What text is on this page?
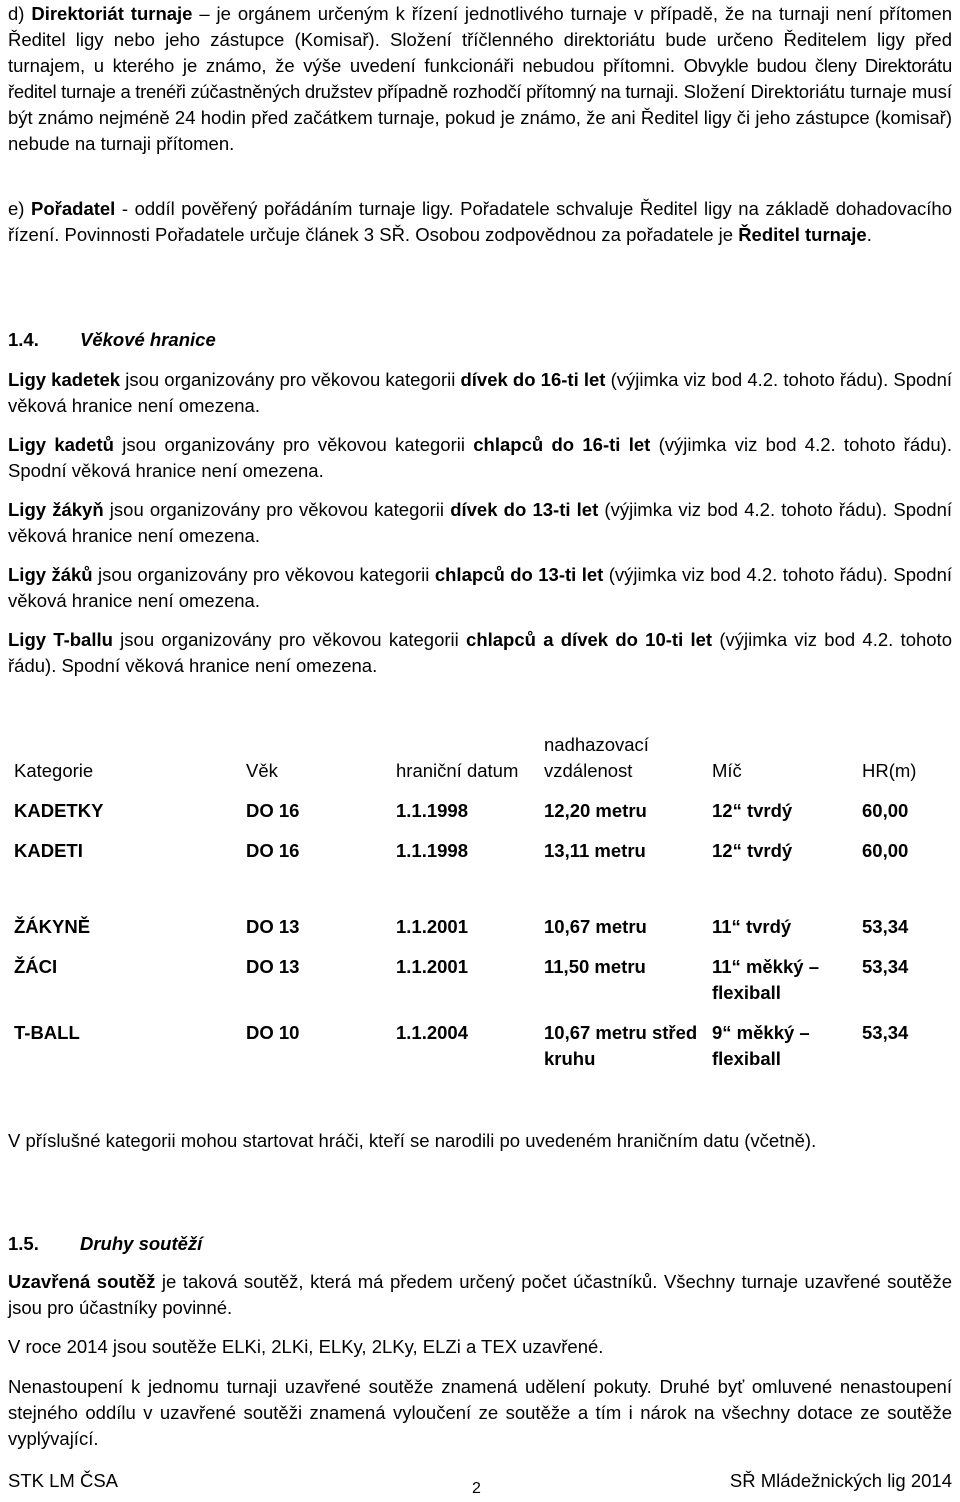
d) Direktoriát turnaje – je orgánem určeným k řízení jednotlivého turnaje v případě, že na turnaji není přítomen Ředitel ligy nebo jeho zástupce (Komisař). Složení tříčlenného direktoriátu bude určeno Ředitelem ligy před turnajem, u kterého je známo, že výše uvedení funkcionáři nebudou přítomni. Obvykle budou členy Direktorátu ředitel turnaje a trenéři zúčastněných družstev případně rozhodčí přítomný na turnaji. Složení Direktoriátu turnaje musí být známo nejméně 24 hodin před začátkem turnaje, pokud je známo, že ani Ředitel ligy či jeho zástupce (komisař) nebude na turnaji přítomen.
e) Pořadatel - oddíl pověřený pořádáním turnaje ligy. Pořadatele schvaluje Ředitel ligy na základě dohadovacího řízení. Povinnosti Pořadatele určuje článek 3 SŘ. Osobou zodpovědnou za pořadatele je Ředitel turnaje.
1.4. Věkové hranice
Ligy kadetek jsou organizovány pro věkovou kategorii dívek do 16-ti let (výjimka viz bod 4.2. tohoto řádu). Spodní věková hranice není omezena.
Ligy kadetů jsou organizovány pro věkovou kategorii chlapců do 16-ti let (výjimka viz bod 4.2. tohoto řádu). Spodní věková hranice není omezena.
Ligy žákyň jsou organizovány pro věkovou kategorii dívek do 13-ti let (výjimka viz bod 4.2. tohoto řádu). Spodní věková hranice není omezena.
Ligy žáků jsou organizovány pro věkovou kategorii chlapců do 13-ti let (výjimka viz bod 4.2. tohoto řádu). Spodní věková hranice není omezena.
Ligy T-ballu jsou organizovány pro věkovou kategorii chlapců a dívek do 10-ti let (výjimka viz bod 4.2. tohoto řádu). Spodní věková hranice není omezena.
Kategorie	Věk	hraniční datum	nadhazovací vzdálenost	Míč	HR(m)

KADETKY	DO 16	1.1.1998	12,20 metru	12“ tvrdý	60,00

KADETI	DO 16	1.1.1998	13,11 metru	12“ tvrdý	60,00

ŽÁKYNĚ	DO 13	1.1.2001	10,67 metru	11“ tvrdý	53,34

ŽÁCI	DO 13	1.1.2001	11,50 metru	11“ měkký – flexiball	53,34

T-BALL	DO 10	1.1.2004	10,67 metru střed kruhu	9“ měkký – flexiball	53,34
V příslušné kategorii mohou startovat hráči, kteří se narodili po uvedeném hraničním datu (včetně).
1.5. Druhy soutěží
Uzavřená soutěž je taková soutěž, která má předem určený počet účastníků. Všechny turnaje uzavřené soutěže jsou pro účastníky povinné.
V roce 2014 jsou soutěže ELKi, 2LKi, ELKy, 2LKy, ELZi a TEX uzavřené.
Nenastoupení k jednomu turnaji uzavřené soutěže znamená udělení pokuty. Druhé byť omluvené nenastoupení stejného oddílu v uzavřené soutěži znamená vyloučení ze soutěže a tím i nárok na všechny dotace ze soutěže vyplývající.
STK LM ČSA	2	SŘ Mládežnických lig 2014
